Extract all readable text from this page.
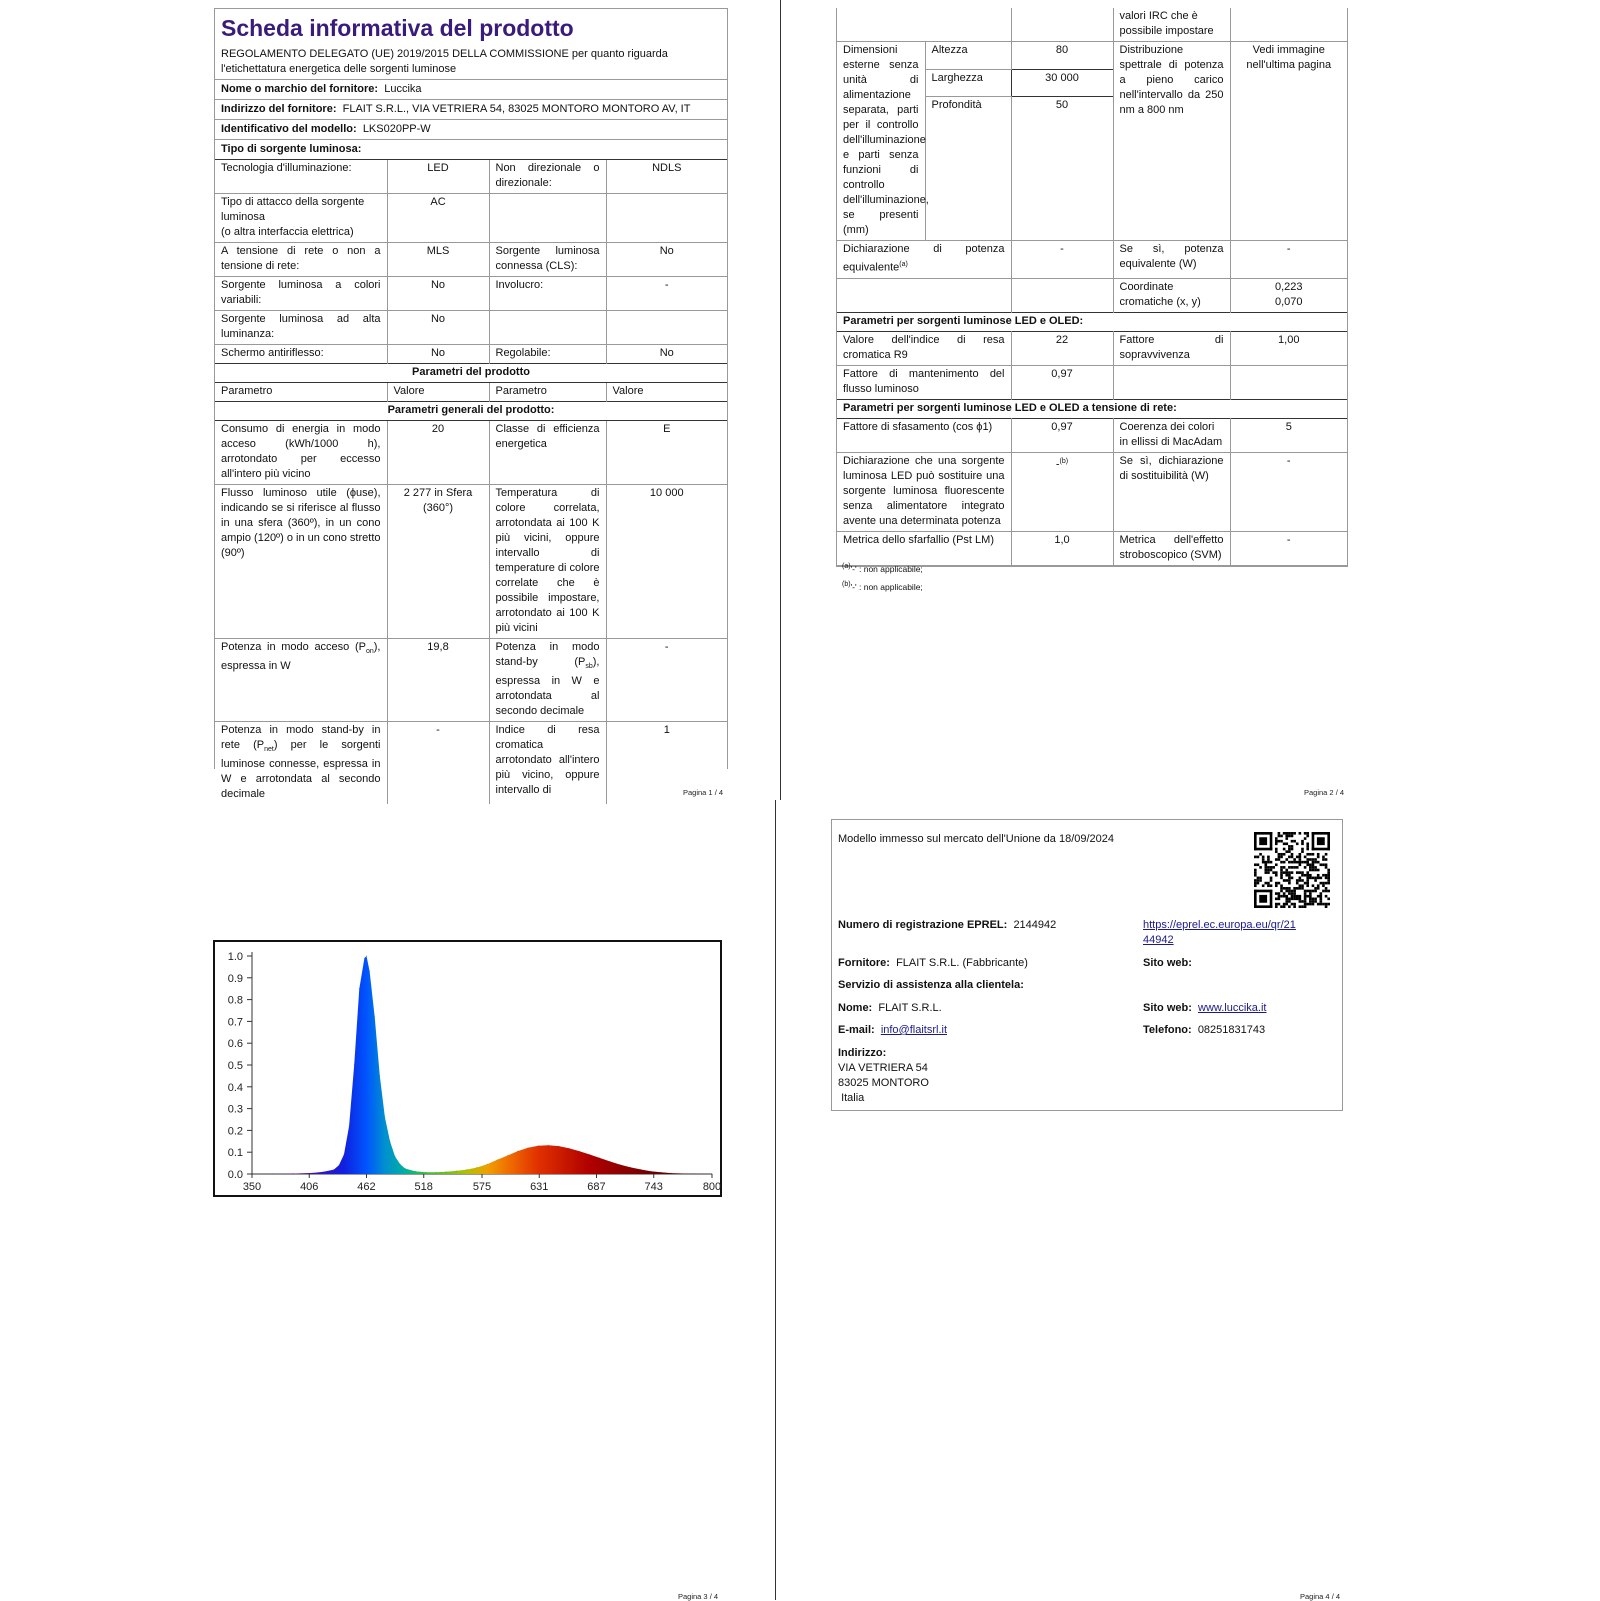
Scheda informativa del prodotto
REGOLAMENTO DELEGATO (UE) 2019/2015 DELLA COMMISSIONE per quanto riguarda l'etichettatura energetica delle sorgenti luminose
Nome o marchio del fornitore: Luccika
Indirizzo del fornitore: FLAIT S.R.L., VIA VETRIERA 54, 83025 MONTORO MONTORO AV, IT
Identificativo del modello: LKS020PP-W
Tipo di sorgente luminosa:
Tecnologia d'illuminazione:	LED	Non direzionale o direzionale:	NDLS
Tipo di attacco della sorgente luminosa
(o altra interfaccia elettrica)	AC		
A tensione di rete o non a tensione di rete:	MLS	Sorgente luminosa connessa (CLS):	No
Sorgente luminosa a colori variabili:	No	Involucro:	-
Sorgente luminosa ad alta luminanza:	No		
Schermo antiriflesso:	No	Regolabile:	No
Parametri del prodotto			
Parametro	Valore	Parametro	Valore
Parametri generali del prodotto:			
Consumo di energia in modo acceso (kWh/1000 h), arrotondato per eccesso all'intero più vicino	20	Classe di efficienza energetica	E
Flusso luminoso utile (ϕuse), indicando se si riferisce al flusso in una sfera (360º), in un cono ampio (120º) o in un cono stretto (90º)	2 277 in Sfera (360°)	Temperatura di colore correlata, arrotondata ai 100 K più vicini, oppure intervallo di temperature di colore correlate che è possibile impostare, arrotondato ai 100 K più vicini	10 000
Potenza in modo acceso $(P_{on})$, espressa in W	19,8	Potenza in modo stand-by $(P_{sb})$, espressa in W e arrotondata al secondo decimale	-
Potenza in modo stand-by in rete $(P_{net})$ per le sorgenti luminose connesse, espressa in W e arrotondata al secondo decimale	-	Indice di resa cromatica arrotondato all'intero più vicino, oppure intervallo di	1
Pagina 1 / 4
			valori IRC che è possibile impostare	
Dimensioni esterne senza unità di alimentazione separata, parti per il controllo dell'illuminazione e parti senza funzioni di controllo dell'illuminazione, se presenti (mm)	Altezza	80	Distribuzione spettrale di potenza a pieno carico nell'intervallo da 250 nm a 800 nm	Vedi immagine nell'ultima pagina
	Larghezza	30 000		
	Profondità	50		
Dichiarazione di potenza equivalente$^{(a)}$		-	Se sì, potenza equivalente (W)	-
			Coordinate cromatiche (x, y)	0,223
0,070
Parametri per sorgenti luminose LED e OLED:				
Valore dell'indice di resa cromatica R9		22	Fattore di sopravvivenza	1,00
Fattore di mantenimento del flusso luminoso		0,97		
Parametri per sorgenti luminose LED e OLED a tensione di rete:				
Fattore di sfasamento (cos ϕ1)		0,97	Coerenza dei colori in ellissi di MacAdam	5
Dichiarazione che una sorgente luminosa LED può sostituire una sorgente luminosa fluorescente senza alimentatore integrato avente una determinata potenza		-$^{(b)}$	Se sì, dichiarazione di sostituibilità (W)	-
Metrica dello sfarfallio (Pst LM)		1,0	Metrica dell'effetto stroboscopico (SVM)	-
$^{(a)}$'-' : non applicabile;
$^{(b)}$'-' : non applicabile;
Pagina 2 / 4
0.0
0.1
0.2
0.3
0.4
0.5
0.6
0.7
0.8
0.9
1.0
350	406	462	518	575	631	687	743	800
Pagina 3 / 4
Modello immesso sul mercato dell'Unione da 18/09/2024
Numero di registrazione EPREL: 2144942	https://eprel.ec.europa.eu/qr/21
44942
Fornitore: FLAIT S.R.L. (Fabbricante)	Sito web:
Servizio di assistenza alla clientela:
Nome: FLAIT S.R.L.	Sito web: www.luccika.it
E-mail: info@flaitsrl.it	Telefono: 08251831743
Indirizzo:
VIA VETRIERA 54
83025 MONTORO
Italia
Pagina 4 / 4
